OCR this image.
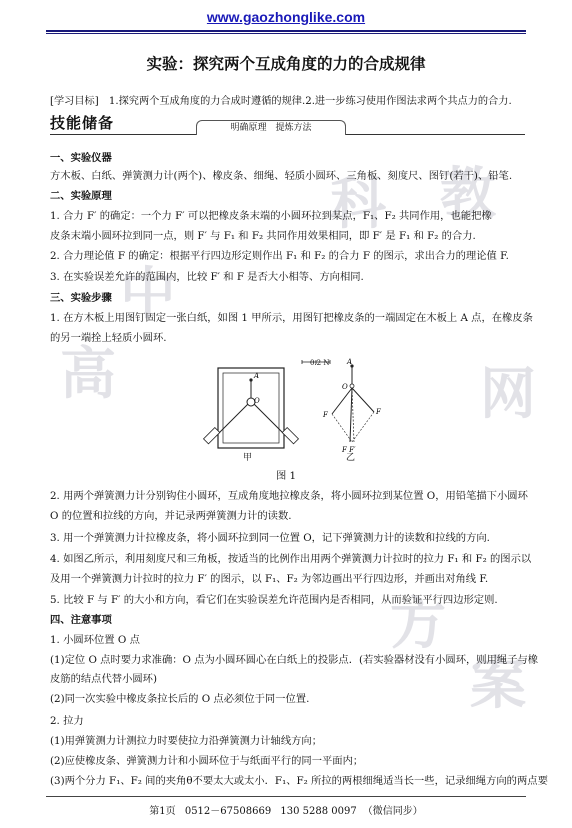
高
中
教
科
网
方
案
www.gaozhonglike.com
实验：探究两个互成角度的力的合成规律
[学习目标]　1.探究两个互成角度的力合成时遵循的规律.2.进一步练习使用作图法求两个共点力的合力.
技能储备	明确原理　提炼方法
一、实验仪器
方木板、白纸、弹簧测力计(两个)、橡皮条、细绳、轻质小圆环、三角板、刻度尺、图钉(若干)、铅笔.
二、实验原理
1. 合力 F′ 的确定：一个力 F′ 可以把橡皮条末端的小圆环拉到某点，F₁、F₂ 共同作用，也能把橡
皮条末端小圆环拉到同一点，则 F′ 与 F₁ 和 F₂ 共同作用效果相同，即 F′ 是 F₁ 和 F₂ 的合力.
2. 合力理论值 F 的确定：根据平行四边形定则作出 F₁ 和 F₂ 的合力 F 的图示，求出合力的理论值 F.
3. 在实验误差允许的范围内，比较 F′ 和 F 是否大小相等、方向相同.
三、实验步骤
1. 在方木板上用图钉固定一张白纸，如图 1 甲所示，用图钉把橡皮条的一端固定在木板上 A 点，在橡皮条
的另一端拴上轻质小圆环.
A
O
A
O
F	F
F F′
0.2 N
甲	乙
图 1
2. 用两个弹簧测力计分别钩住小圆环，互成角度地拉橡皮条，将小圆环拉到某位置 O，用铅笔描下小圆环
O 的位置和拉线的方向，并记录两弹簧测力计的读数.
3. 用一个弹簧测力计拉橡皮条，将小圆环拉到同一位置 O，记下弹簧测力计的读数和拉线的方向.
4. 如图乙所示，利用刻度尺和三角板，按适当的比例作出用两个弹簧测力计拉时的拉力 F₁ 和 F₂ 的图示以
及用一个弹簧测力计拉时的拉力 F′ 的图示，以 F₁、F₂ 为邻边画出平行四边形，并画出对角线 F.
5. 比较 F 与 F′ 的大小和方向，看它们在实验误差允许范围内是否相同，从而验证平行四边形定则.
四、注意事项
1. 小圆环位置 O 点
(1)定位 O 点时要力求准确：O 点为小圆环圆心在白纸上的投影点．(若实验器材没有小圆环，则用绳子与橡
皮筋的结点代替小圆环)
(2)同一次实验中橡皮条拉长后的 O 点必须位于同一位置.
2. 拉力
(1)用弹簧测力计测拉力时要使拉力沿弹簧测力计轴线方向；
(2)应使橡皮条、弹簧测力计和小圆环位于与纸面平行的同一平面内；
(3)两个分力 F₁、F₂ 间的夹角θ不要太大或太小．F₁、F₂ 所拉的两根细绳适当长一些，记录细绳方向的两点要
第1页 0512－67508669 130 5288 0097 （微信同步）
